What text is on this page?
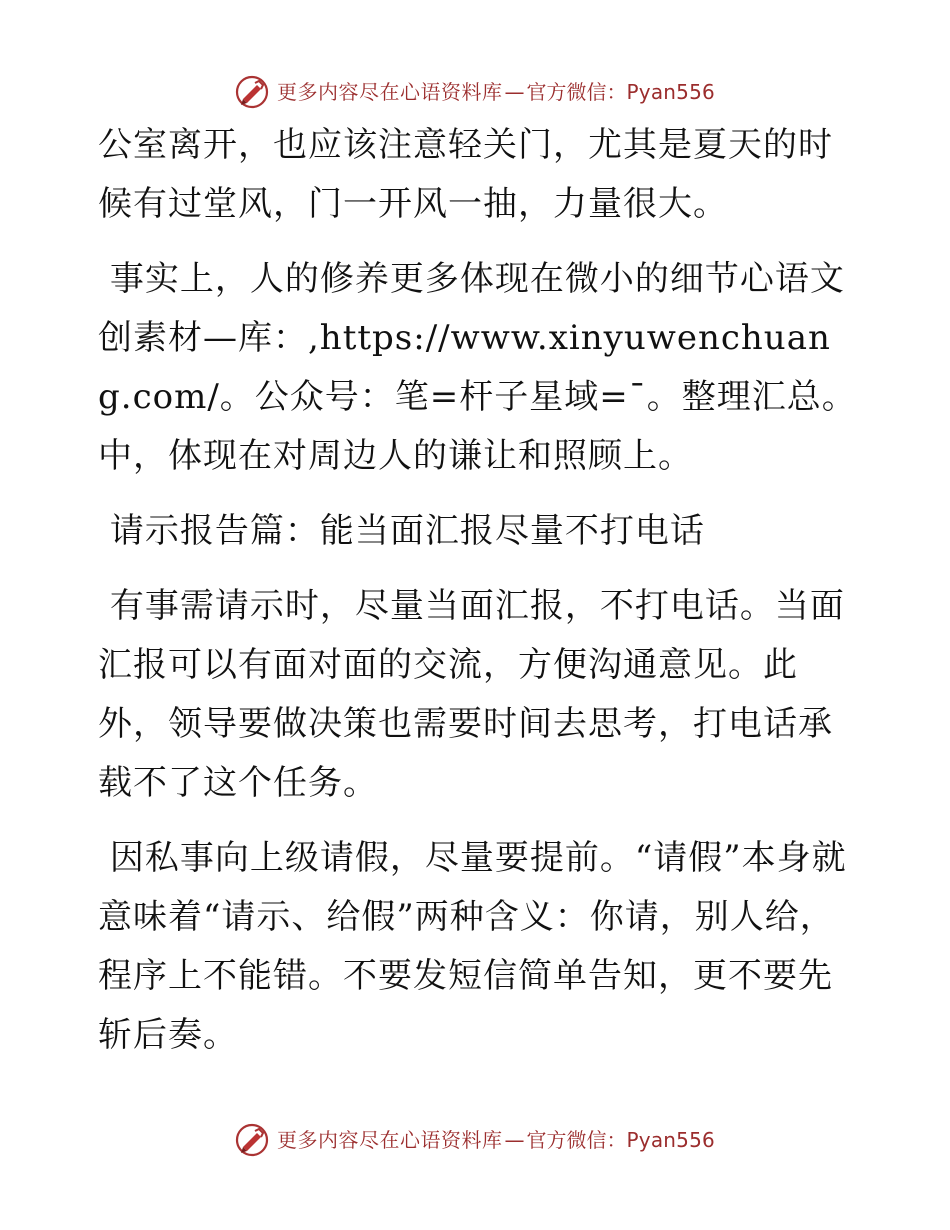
更多内容尽在心语资料库 — 官方微信：Pyan556

公室离开，也应该注意轻关门，尤其是夏天的时候有过堂风，门一开风一抽，力量很大。

事实上，人的修养更多体现在微小的细节心语文创素材—库：,https://www.xinyuwenchuang.com/。公众号：笔=杆子星域=¯。整理汇总。中，体现在对周边人的谦让和照顾上。

请示报告篇：能当面汇报尽量不打电话

有事需请示时，尽量当面汇报，不打电话。当面汇报可以有面对面的交流，方便沟通意见。此外，领导要做决策也需要时间去思考，打电话承载不了这个任务。

因私事向上级请假，尽量要提前。“请假”本身就意味着“请示、给假”两种含义：你请，别人给，程序上不能错。不要发短信简单告知，更不要先斩后奏。

更多内容尽在心语资料库 — 官方微信：Pyan556
